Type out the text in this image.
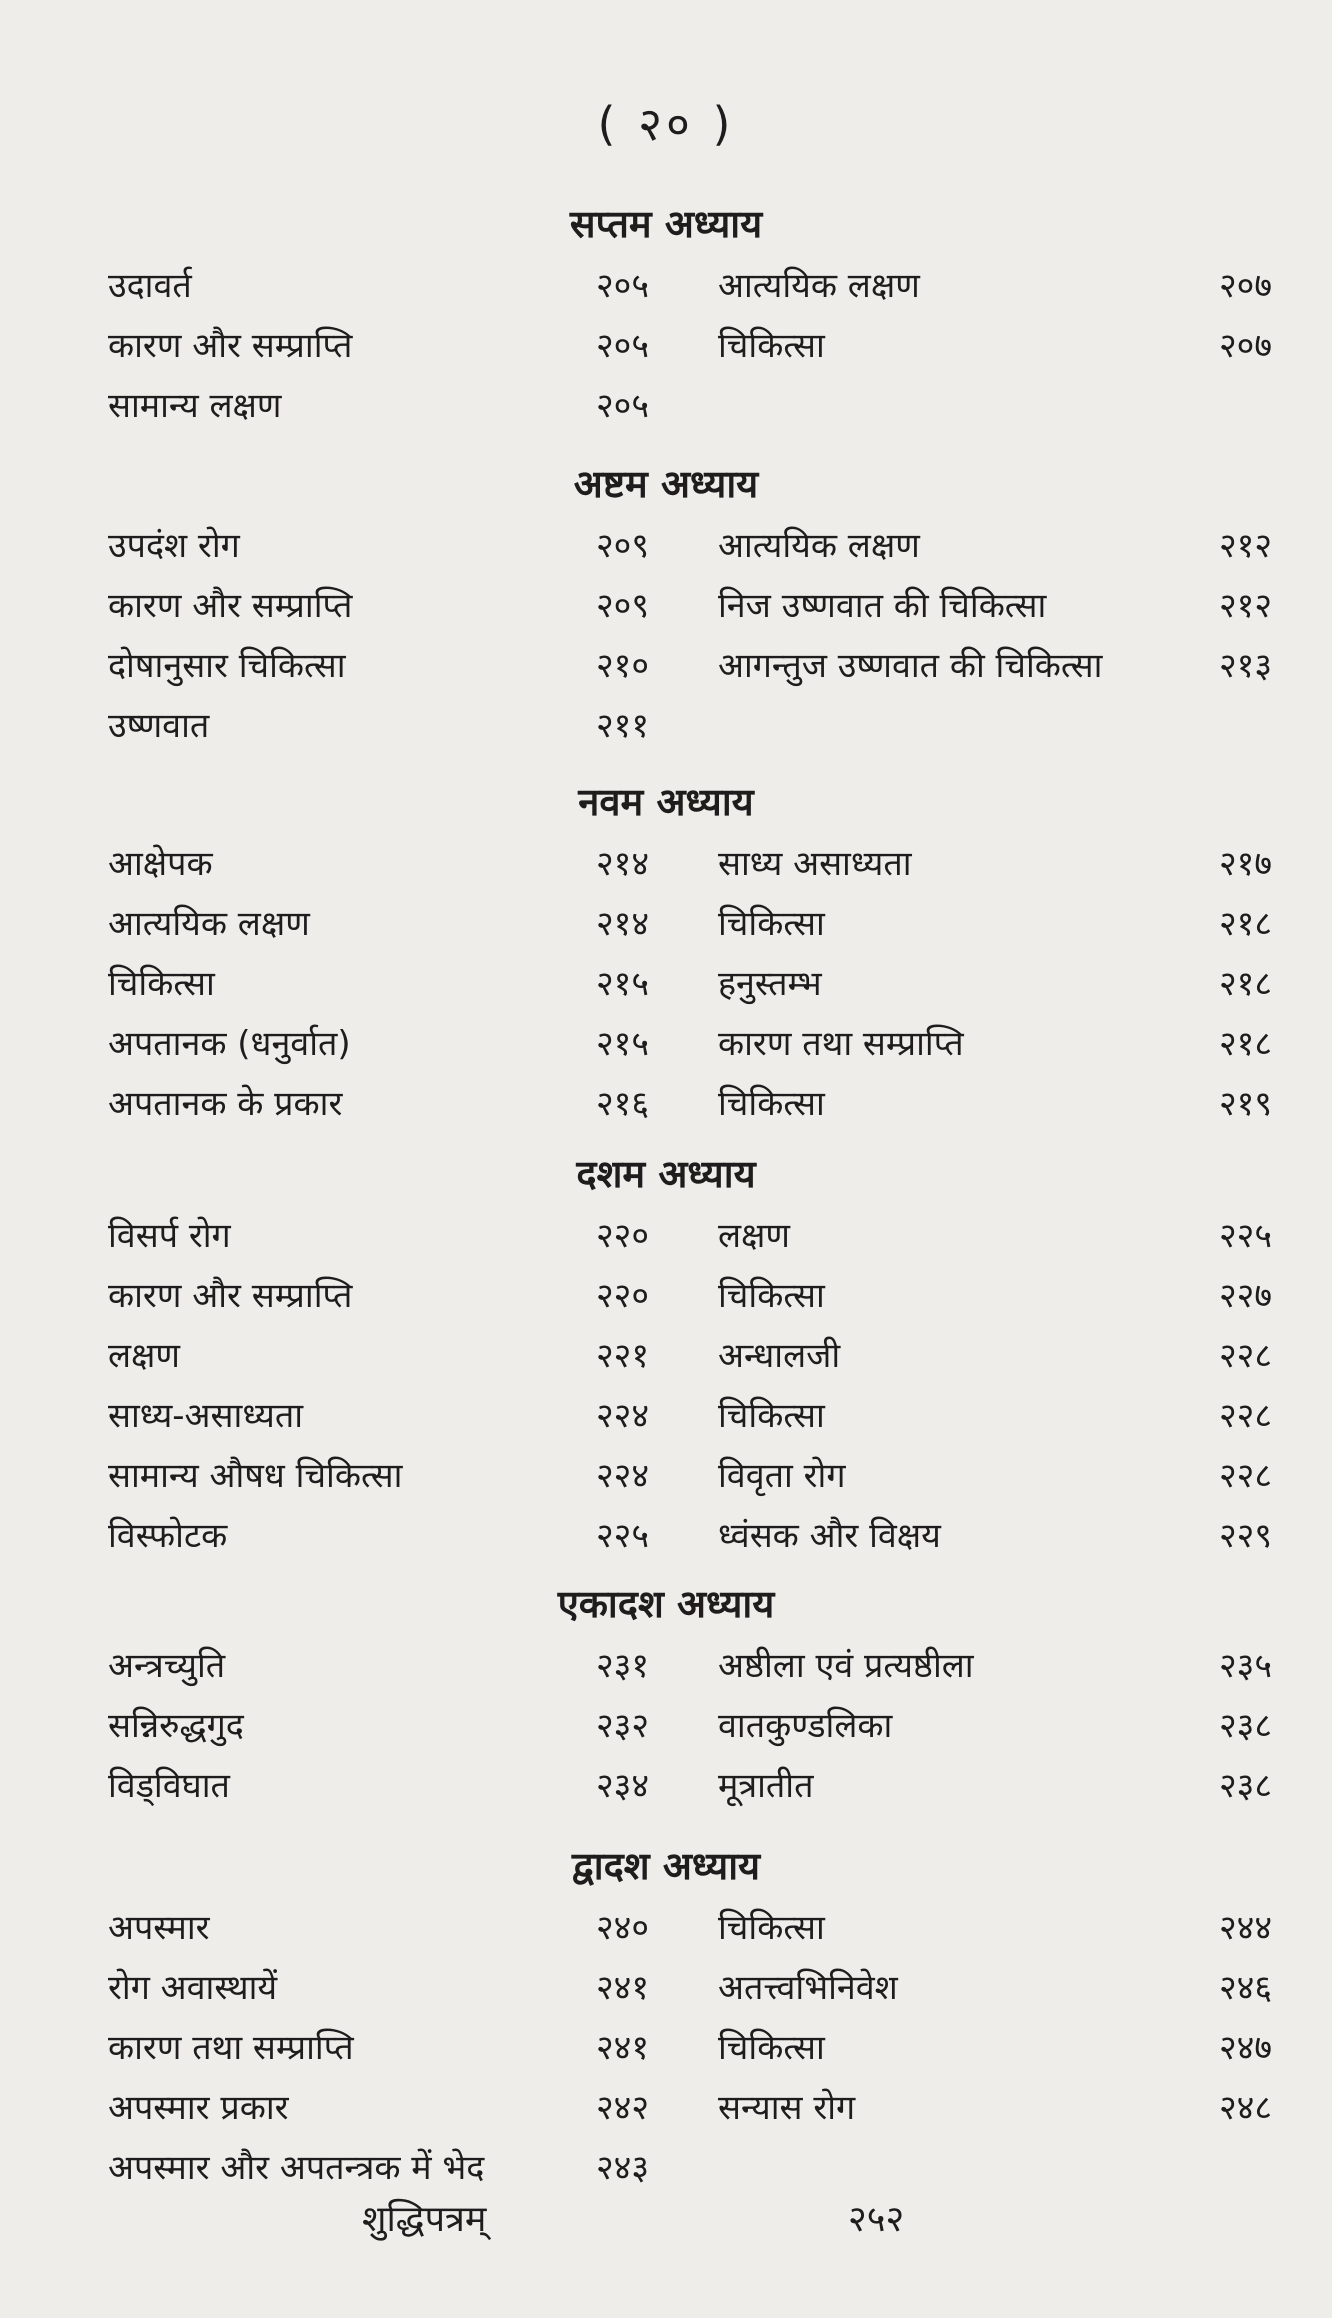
( २० )
सप्तम अध्याय
उदावर्त	२०५ आत्ययिक लक्षण	२०७
कारण और सम्प्राप्ति	२०५ चिकित्सा	२०७
सामान्य लक्षण	२०५
अष्टम अध्याय
उपदंश रोग	२०९ आत्ययिक लक्षण	२१२
कारण और सम्प्राप्ति	२०९ निज उष्णवात की चिकित्सा	२१२
दोषानुसार चिकित्सा	२१० आगन्तुज उष्णवात की चिकित्सा	२१३
उष्णवात	२११
नवम अध्याय
आक्षेपक	२१४ साध्य असाध्यता	२१७
आत्ययिक लक्षण	२१४ चिकित्सा	२१८
चिकित्सा	२१५ हनुस्तम्भ	२१८
अपतानक (धनुर्वात)	२१५ कारण तथा सम्प्राप्ति	२१८
अपतानक के प्रकार	२१६ चिकित्सा	२१९
दशम अध्याय
विसर्प रोग	२२० लक्षण	२२५
कारण और सम्प्राप्ति	२२० चिकित्सा	२२७
लक्षण	२२१ अन्धालजी	२२८
साध्य-असाध्यता	२२४ चिकित्सा	२२८
सामान्य औषध चिकित्सा	२२४ विवृता रोग	२२८
विस्फोटक	२२५ ध्वंसक और विक्षय	२२९
एकादश अध्याय
अन्त्रच्युति	२३१ अष्ठीला एवं प्रत्यष्ठीला	२३५
सन्निरुद्धगुद	२३२ वातकुण्डलिका	२३८
विड्विघात	२३४ मूत्रातीत	२३८
द्वादश अध्याय
अपस्मार	२४० चिकित्सा	२४४
रोग अवास्थायें	२४१ अतत्त्वभिनिवेश	२४६
कारण तथा सम्प्राप्ति	२४१ चिकित्सा	२४७
अपस्मार प्रकार	२४२ सन्यास रोग	२४८
अपस्मार और अपतन्त्रक में भेद	२४३
शुद्धिपत्रम्	२५२
